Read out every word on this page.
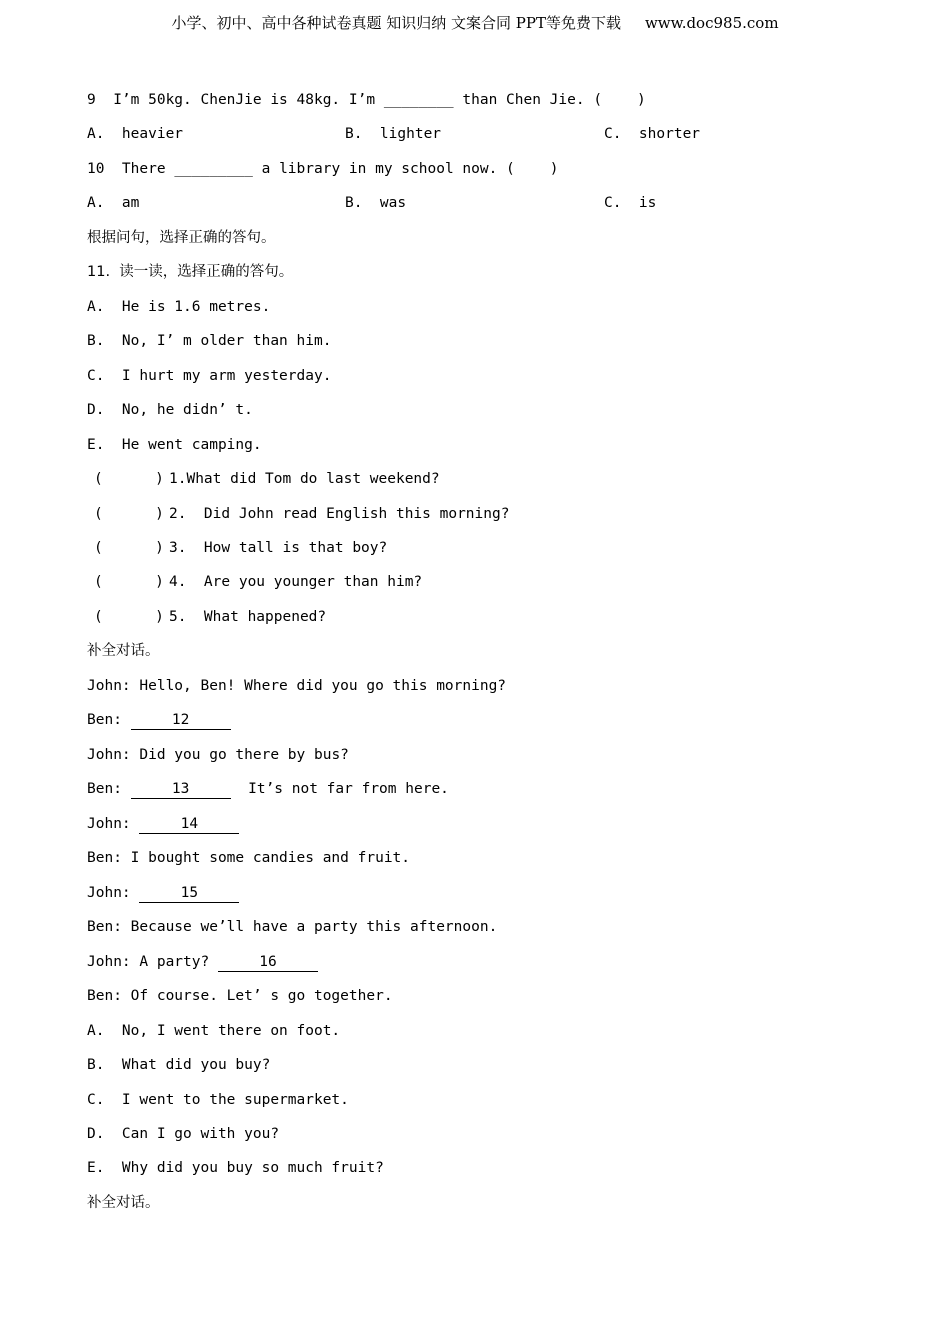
小学、初中、高中各种试卷真题 知识归纳 文案合同 PPT等免费下载 www.doc985.com
9  I’m 50kg. ChenJie is 48kg. I’m ________ than Chen Jie. (    )
A.  heavier	B.  lighter	C.  shorter
10  There _________ a library in my school now. (    )
A.  am	B.  was	C.  is
根据问句，选择正确的答句。
11.  读一读，选择正确的答句。
A.  He is 1.6 metres.
B.  No, I’ m older than him.
C.  I hurt my arm yesterday.
D.  No, he didn’ t.
E.  He went camping.
(      ) 1.What did Tom do last weekend?
(      ) 2.  Did John read English this morning?
(      ) 3.  How tall is that boy?
(      ) 4.  Are you younger than him?
(      ) 5.  What happened?
补全对话。
John: Hello, Ben! Where did you go this morning?
Ben:	12
John: Did you go there by bus?
Ben:	13	It’s not far from here.
John:	14
Ben: I bought some candies and fruit.
John:	15
Ben: Because we’ll have a party this afternoon.
John: A party?	16
Ben: Of course. Let’ s go together.
A.  No, I went there on foot.
B.  What did you buy?
C.  I went to the supermarket.
D.  Can I go with you?
E.  Why did you buy so much fruit?
补全对话。
